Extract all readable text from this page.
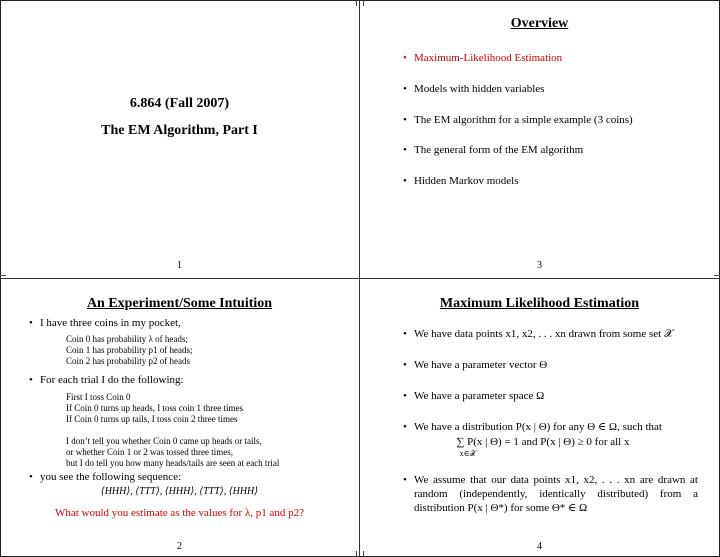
6.864 (Fall 2007)
The EM Algorithm, Part I
1
Overview
• Maximum-Likelihood Estimation
• Models with hidden variables
• The EM algorithm for a simple example (3 coins)
• The general form of the EM algorithm
• Hidden Markov models
3
An Experiment/Some Intuition
• I have three coins in my pocket,
Coin 0 has probability λ of heads;
Coin 1 has probability p1 of heads;
Coin 2 has probability p2 of heads
• For each trial I do the following:
First I toss Coin 0
If Coin 0 turns up heads, I toss coin 1 three times
If Coin 0 turns up tails, I toss coin 2 three times
I don’t tell you whether Coin 0 came up heads or tails,
or whether Coin 1 or 2 was tossed three times,
but I do tell you how many heads/tails are seen at each trial
• you see the following sequence:
⟨HHH⟩, ⟨TTT⟩, ⟨HHH⟩, ⟨TTT⟩, ⟨HHH⟩
What would you estimate as the values for λ, p1 and p2?
2
Maximum Likelihood Estimation
• We have data points x1, x2, . . . xn drawn from some set 𝒳
• We have a parameter vector Θ
• We have a parameter space Ω
• We have a distribution P(x | Θ) for any Θ ∈ Ω, such that
∑ P(x | Θ) = 1 and P(x | Θ) ≥ 0 for all x
x∈𝒳
• We assume that our data points x1, x2, . . . xn are drawn at random (independently, identically distributed) from a distribution P(x | Θ*) for some Θ* ∈ Ω
4
